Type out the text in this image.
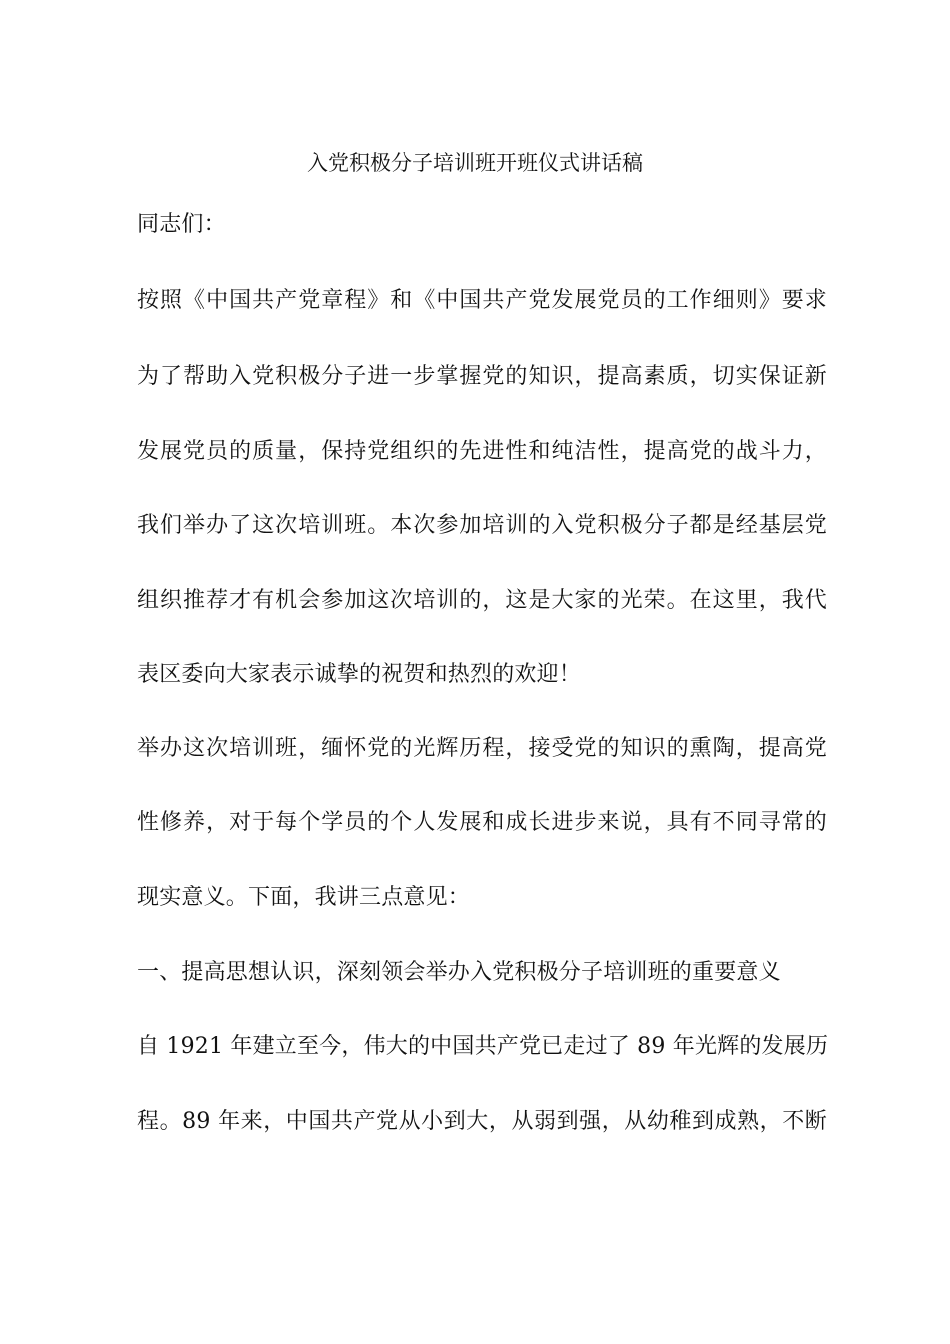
入党积极分子培训班开班仪式讲话稿
同志们：
按照《中国共产党章程》和《中国共产党发展党员的工作细则》要求
为了帮助入党积极分子进一步掌握党的知识，提高素质，切实保证新
发展党员的质量，保持党组织的先进性和纯洁性，提高党的战斗力，
我们举办了这次培训班。本次参加培训的入党积极分子都是经基层党
组织推荐才有机会参加这次培训的，这是大家的光荣。在这里，我代
表区委向大家表示诚挚的祝贺和热烈的欢迎！
举办这次培训班，缅怀党的光辉历程，接受党的知识的熏陶，提高党
性修养，对于每个学员的个人发展和成长进步来说，具有不同寻常的
现实意义。下面，我讲三点意见：
一、提高思想认识，深刻领会举办入党积极分子培训班的重要意义
自 1921 年建立至今，伟大的中国共产党已走过了 89 年光辉的发展历
程。89 年来，中国共产党从小到大，从弱到强，从幼稚到成熟，不断
